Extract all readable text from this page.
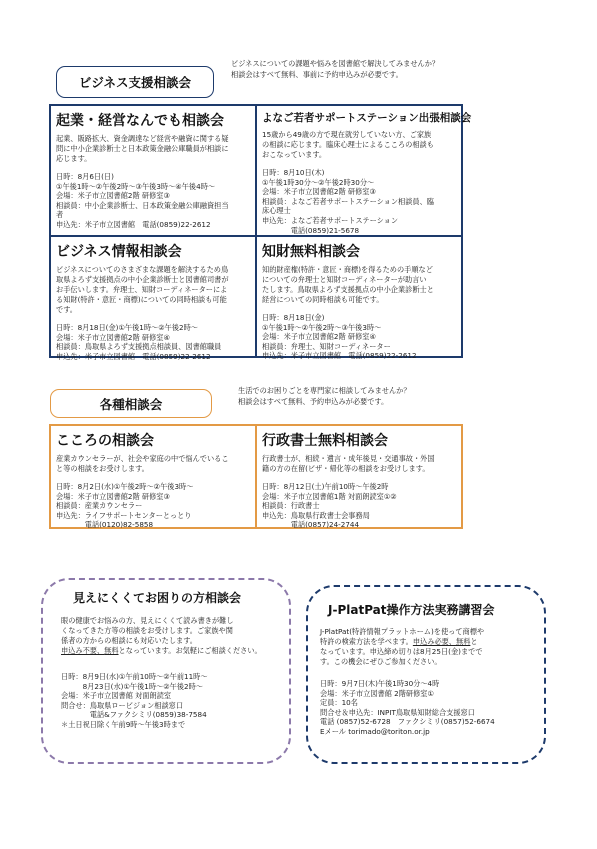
ビジネス支援相談会
ビジネスについての課題や悩みを図書館で解決してみませんか？
相談会はすべて無料、事前に予約申込みが必要です。
起業・経営なんでも相談会
起業、販路拡大、資金調達など経営や融資に関する疑
問に中小企業診断士と日本政策金融公庫職員が相談に
応じます。
日時：8月6日(日)
①午後1時〜②午後2時〜③午後3時〜④午後4時〜
会場：米子市立図書館2階 研修室③
相談員：中小企業診断士、日本政策金融公庫融資担当
者
申込先：米子市立図書館　電話(0859)22-2612
よなご若者サポートステーション出張相談会
15歳から49歳の方で現在就労していない方、ご家族
の相談に応じます。臨床心理士によるこころの相談も
おこなっています。
日時：8月10日(木)
①午後1時30分〜②午後2時30分〜
会場：米子市立図書館2階 研修室③
相談員：よなご若者サポートステーション相談員、臨
床心理士
申込先：よなご若者サポートステーション
　　　　電話(0859)21-5678
ビジネス情報相談会
ビジネスについてのさまざまな課題を解決するため鳥
取県よろず支援拠点の中小企業診断士と図書館司書が
お手伝いします。弁理士、知財コーディネーターによ
る知財(特許・意匠・商標)についての同時相談も可能
です。
日時：8月18日(金)①午後1時〜②午後2時〜
会場：米子市立図書館2階 研修室④
相談員：鳥取県よろず支援拠点相談員、図書館職員
申込先：米子市立図書館　電話(0859)22-2612
知財無料相談会
知的財産権(特許・意匠・商標)を得るための手順など
についての弁理士と知財コーディネーターが助言い
たします。鳥取県よろず支援拠点の中小企業診断士と
経営についての同時相談も可能です。
日時：8月18日(金)
①午後1時〜②午後2時〜③午後3時〜
会場：米子市立図書館2階 研修室④
相談員：弁理士、知財コーディネーター
申込先：米子市立図書館　電話(0859)22-2612
各種相談会
生活でのお困りごとを専門家に相談してみませんか？
相談会はすべて無料、予約申込みが必要です。
こころの相談会
産業カウンセラーが、社会や家庭の中で悩んでいるこ
と等の相談をお受けします。
日時：8月2日(水)①午後2時〜②午後3時〜
会場：米子市立図書館2階 研修室③
相談員：産業カウンセラー
申込先：ライフサポートセンターとっとり
　　　　電話(0120)82-5858
行政書士無料相談会
行政書士が、相続・遺言・成年後見・交通事故・外国
籍の方の在留(ビザ・帰化等の相談をお受けします。
日時：8月12日(土)午前10時〜午後2時
会場：米子市立図書館1階 対面朗読室①②
相談員：行政書士
申込先：鳥取県行政書士会事務局
　　　　電話(0857)24-2744
見えにくくてお困りの方相談会
眼の健康でお悩みの方、見えにくくて読み書きが難し
くなってきた方等の相談をお受けします。ご家族や関
係者の方からの相談にも対応いたします。
申込み不要、無料となっています。お気軽にご相談ください。
日時：8月9日(水)①午前10時〜②午前11時〜
　　　8月23日(水)①午後1時〜②午後2時〜
会場：米子市立図書館 対面朗読室
問合せ：鳥取県ロービジョン相談窓口
　　　　電話&ファクシミリ(0859)38-7584
＊土日祝日除く午前9時〜午後3時まで
J-PlatPat操作方法実務講習会
J-PlatPat(特許情報プラットホーム)を使って商標や
特許の検索方法を学べます。申込み必要、無料と
なっています。申込締め切りは8月25日(金)までで
す。この機会にぜひご参加ください。
日時：9月7日(木)午後1時30分〜4時
会場：米子市立図書館 2階研修室①
定員：10名
問合せ＆申込先：INPIT鳥取県知財総合支援窓口
電話 (0857)52-6728　ファクシミリ(0857)52-6674
Eメール torimado@toriton.or.jp
